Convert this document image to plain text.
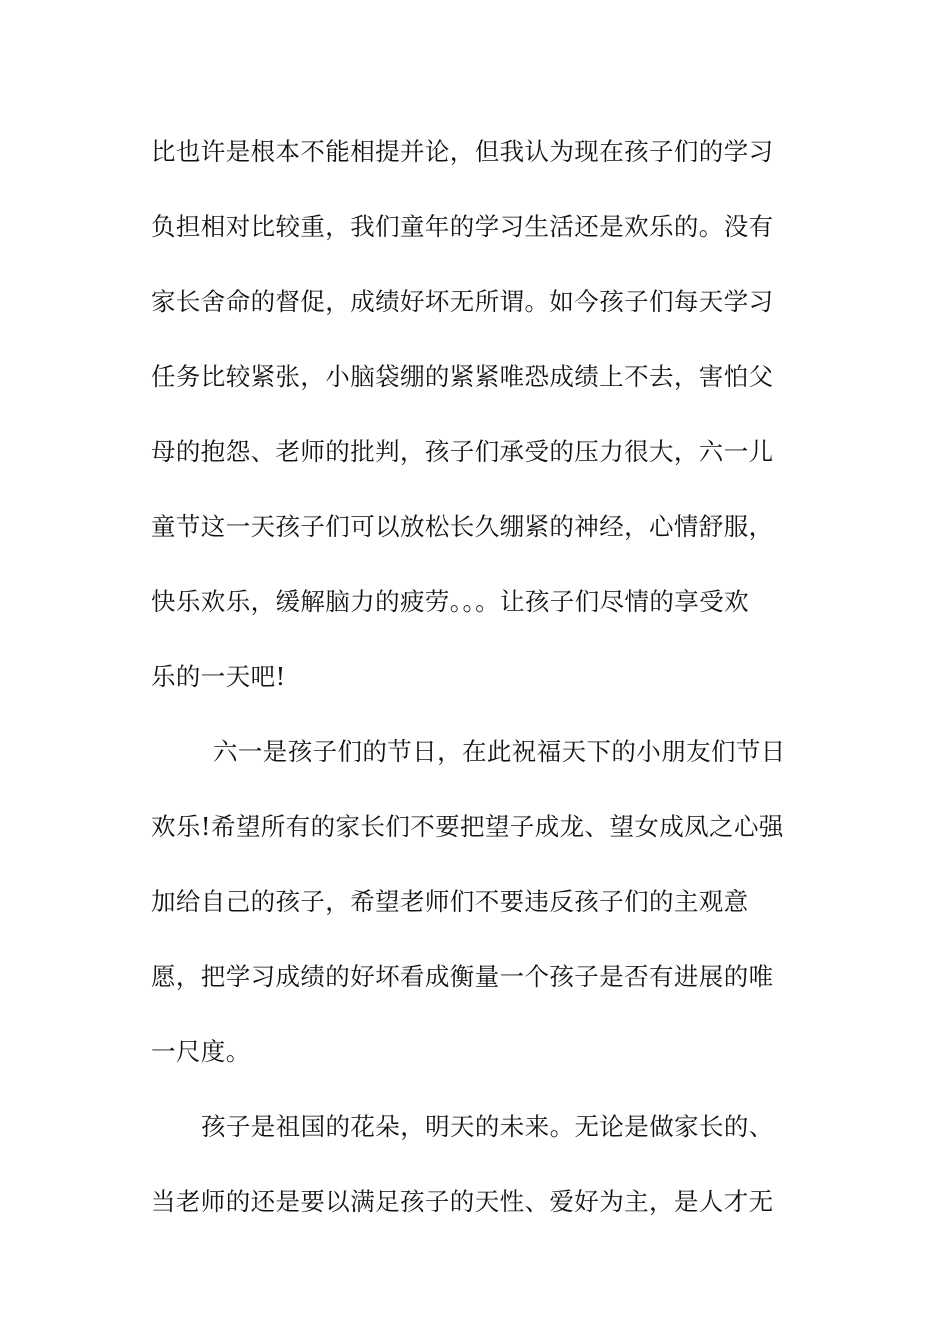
比也许是根本不能相提并论，但我认为现在孩子们的学习
负担相对比较重，我们童年的学习生活还是欢乐的。没有
家长舍命的督促，成绩好坏无所谓。如今孩子们每天学习
任务比较紧张，小脑袋绷的紧紧唯恐成绩上不去，害怕父
母的抱怨、老师的批判，孩子们承受的压力很大，六一儿
童节这一天孩子们可以放松长久绷紧的神经，心情舒服，
快乐欢乐，缓解脑力的疲劳。。。让孩子们尽情的享受欢
乐的一天吧!
六一是孩子们的节日，在此祝福天下的小朋友们节日
欢乐!希望所有的家长们不要把望子成龙、望女成凤之心强
加给自己的孩子，希望老师们不要违反孩子们的主观意
愿，把学习成绩的好坏看成衡量一个孩子是否有进展的唯
一尺度。
孩子是祖国的花朵，明天的未来。无论是做家长的、
当老师的还是要以满足孩子的天性、爱好为主，是人才无
